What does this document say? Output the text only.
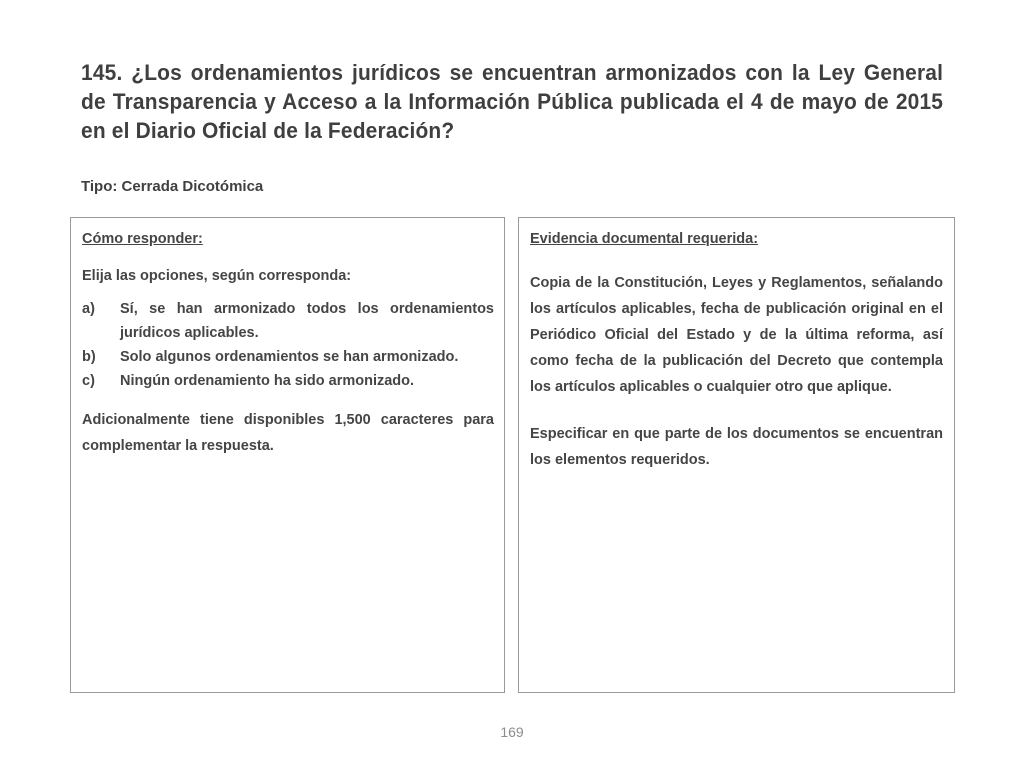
145. ¿Los ordenamientos jurídicos se encuentran armonizados con la Ley General de Transparencia y Acceso a la Información Pública publicada el 4 de mayo de 2015 en el Diario Oficial de la Federación?

Tipo: Cerrada Dicotómica

Cómo responder:

Elija las opciones, según corresponda:

a)	Sí, se han armonizado todos los ordenamientos jurídicos aplicables.
b)	Solo algunos ordenamientos se han armonizado.
c)	Ningún ordenamiento ha sido armonizado.

Adicionalmente tiene disponibles 1,500 caracteres para complementar la respuesta.

Evidencia documental requerida:

Copia de la Constitución, Leyes y Reglamentos, señalando los artículos aplicables, fecha de publicación original en el Periódico Oficial del Estado y de la última reforma, así como fecha de la publicación del Decreto que contempla los artículos aplicables o cualquier otro que aplique.

Especificar en que parte de los documentos se encuentran los elementos requeridos.

169
